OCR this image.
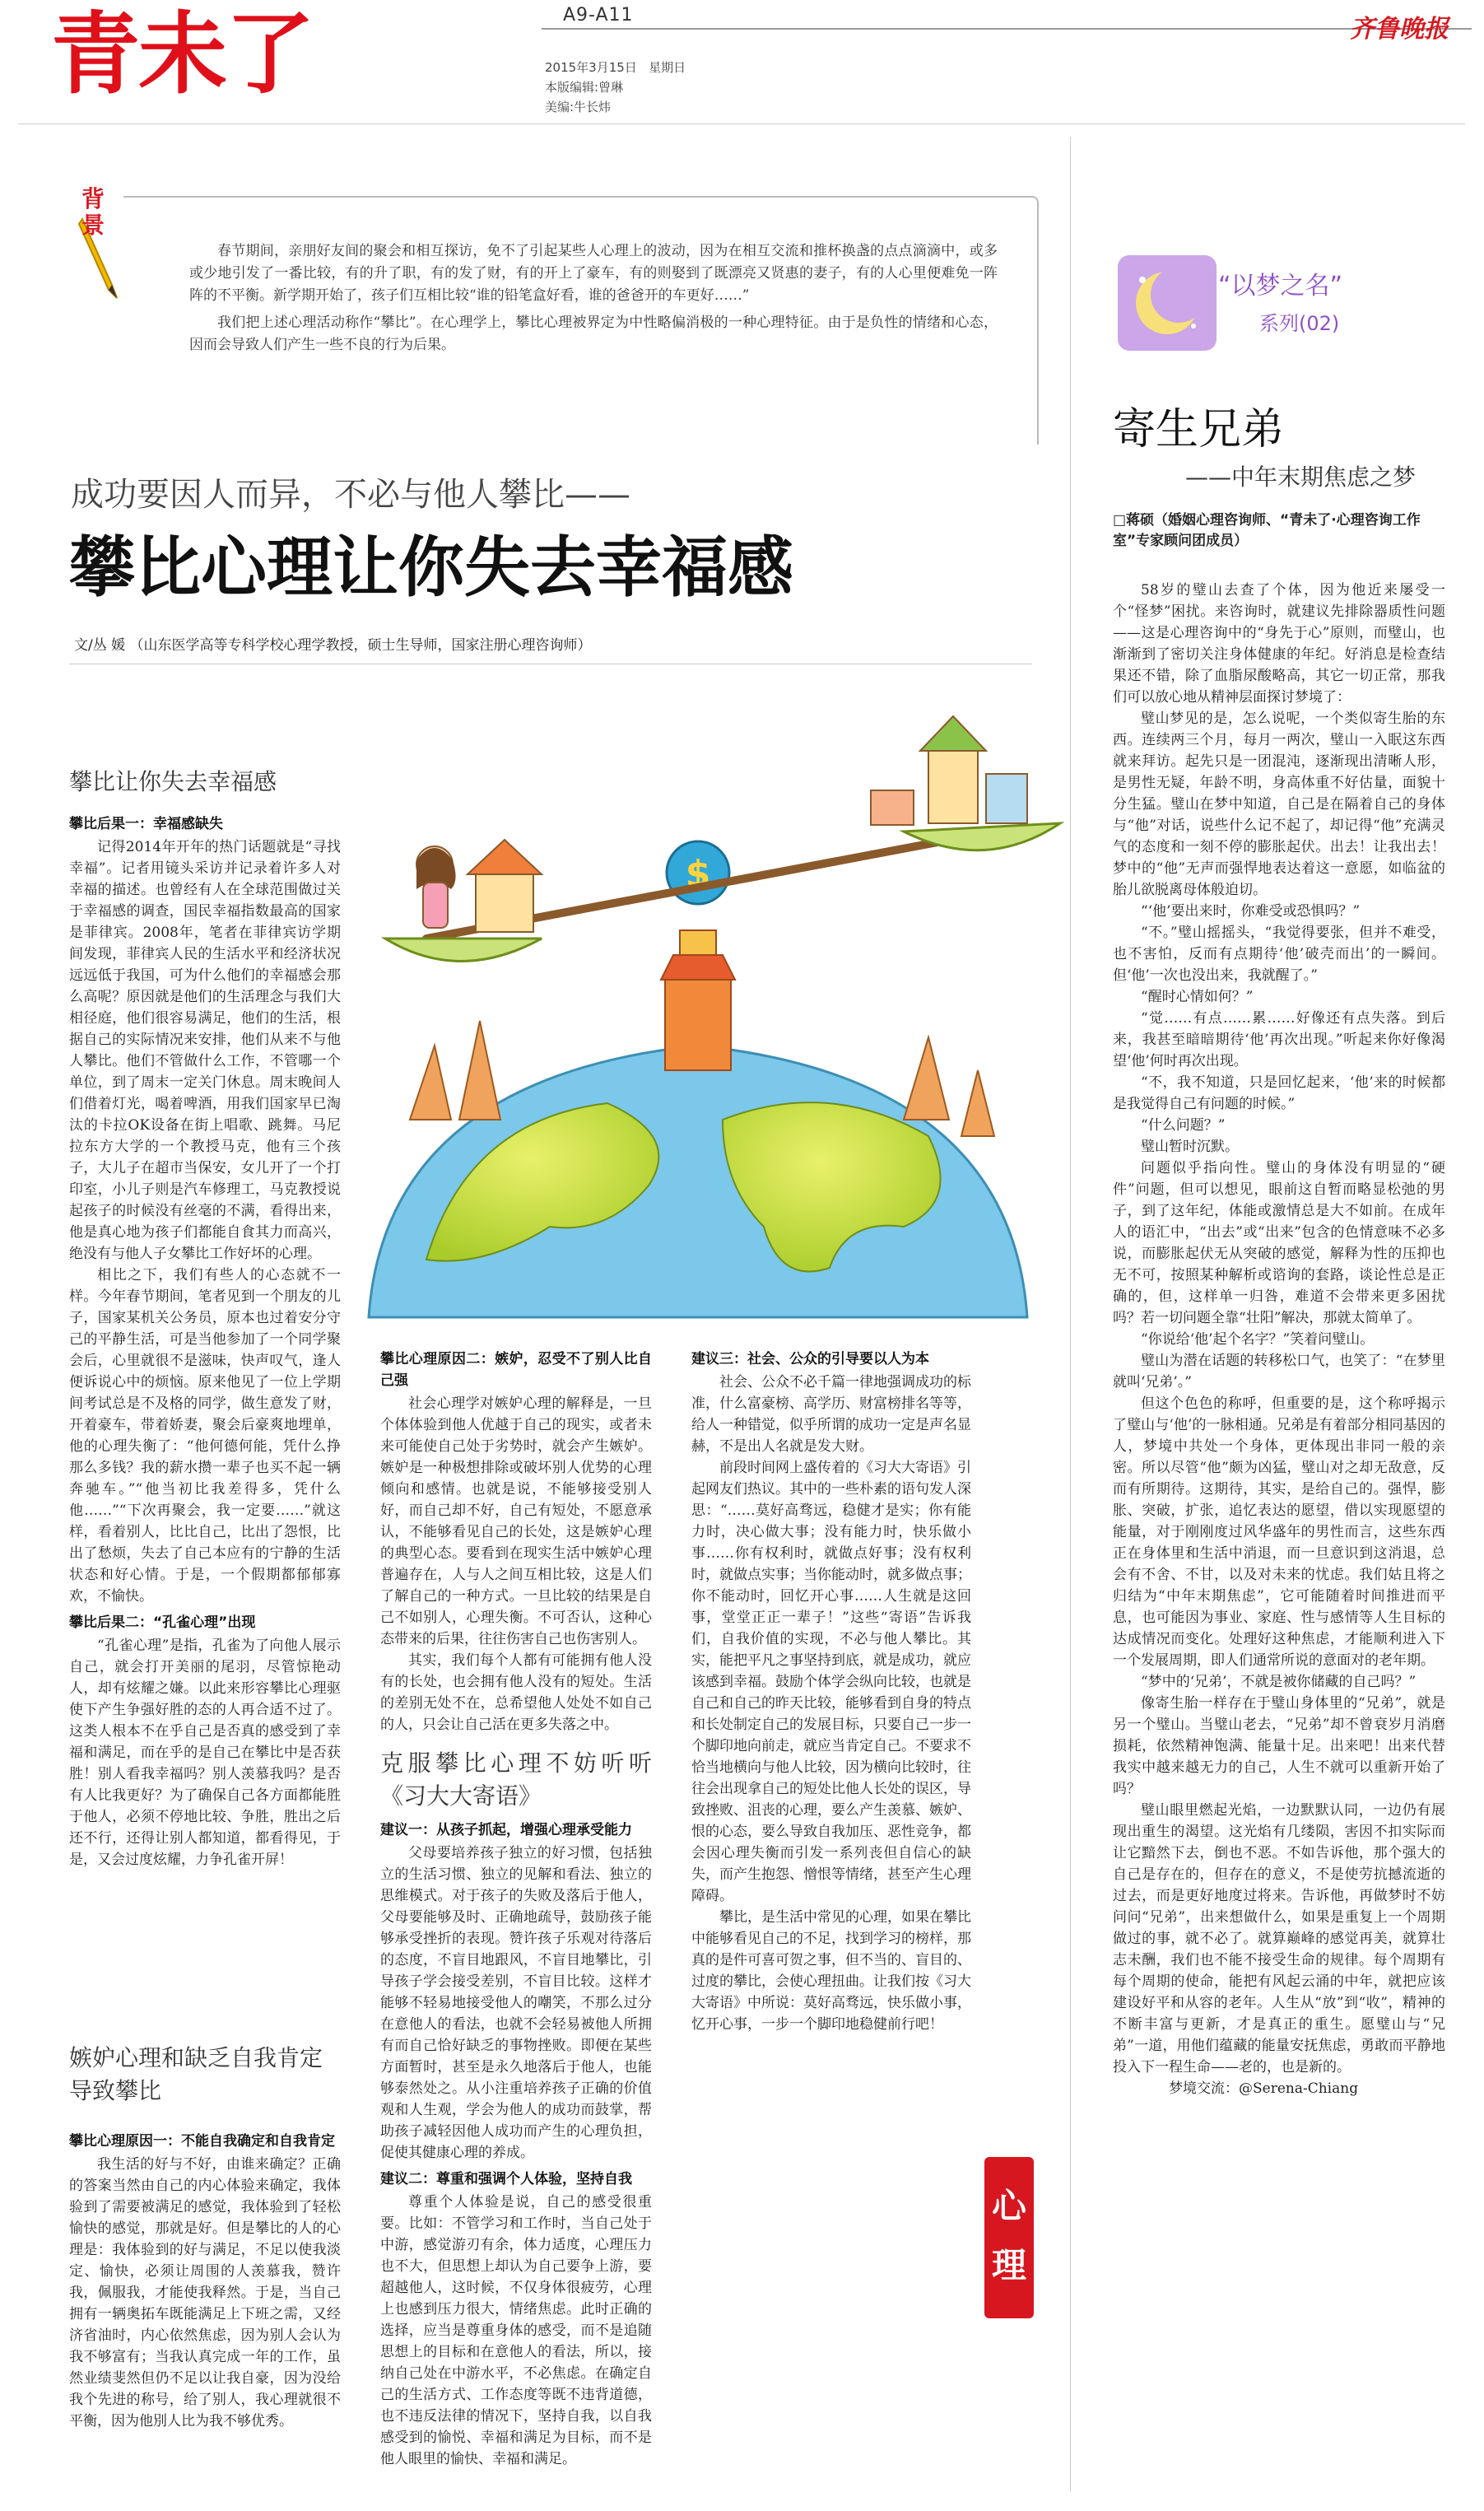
青未了	A9-A11
2015年3月15日 星期日
本版编辑:曾琳
美编:牛长炜
齐鲁晚报
背景

春节期间，亲朋好友间的聚会和相互探访，免不了引起某些人心理上的波动，因为在相互交流和推杯换盏的点点滴滴中，或多或少地引发了一番比较，有的升了职，有的发了财，有的开上了豪车，有的则娶到了既漂亮又贤惠的妻子，有的人心里便难免一阵阵的不平衡。新学期开始了，孩子们互相比较“谁的铅笔盒好看，谁的爸爸开的车更好……”

我们把上述心理活动称作“攀比”。在心理学上，攀比心理被界定为中性略偏消极的一种心理特征。由于是负性的情绪和心态，因而会导致人们产生一些不良的行为后果。

成功要因人而异，不必与他人攀比——
攀比心理让你失去幸福感
文/丛 媛 （山东医学高等专科学校心理学教授，硕士生导师，国家注册心理咨询师）
$
攀比让你失去幸福感
攀比后果一：幸福感缺失

记得2014年开年的热门话题就是“寻找幸福”。记者用镜头采访并记录着许多人对幸福的描述。也曾经有人在全球范围做过关于幸福感的调查，国民幸福指数最高的国家是菲律宾。2008年，笔者在菲律宾访学期间发现，菲律宾人民的生活水平和经济状况远远低于我国，可为什么他们的幸福感会那么高呢？原因就是他们的生活理念与我们大相径庭，他们很容易满足，他们的生活，根据自己的实际情况来安排，他们从来不与他人攀比。他们不管做什么工作，不管哪一个单位，到了周末一定关门休息。周末晚间人们借着灯光，喝着啤酒，用我们国家早已淘汰的卡拉OK设备在街上唱歌、跳舞。马尼拉东方大学的一个教授马克，他有三个孩子，大儿子在超市当保安，女儿开了一个打印室，小儿子则是汽车修理工，马克教授说起孩子的时候没有丝毫的不满，看得出来，他是真心地为孩子们都能自食其力而高兴，绝没有与他人子女攀比工作好坏的心理。

相比之下，我们有些人的心态就不一样。今年春节期间，笔者见到一个朋友的儿子，国家某机关公务员，原本也过着安分守己的平静生活，可是当他参加了一个同学聚会后，心里就很不是滋味，快声叹气，逢人便诉说心中的烦恼。原来他见了一位上学期间考试总是不及格的同学，做生意发了财，开着豪车，带着娇妻，聚会后豪爽地埋单，他的心理失衡了：“他何德何能，凭什么挣那么多钱？我的薪水攒一辈子也买不起一辆奔驰车。”“他当初比我差得多，凭什么他……”“下次再聚会，我一定要……”就这样，看着别人，比比自己，比出了怨恨，比出了愁烦，失去了自己本应有的宁静的生活状态和好心情。于是，一个假期都郁郁寡欢，不愉快。

攀比后果二：“孔雀心理”出现

“孔雀心理”是指，孔雀为了向他人展示自己，就会打开美丽的尾羽，尽管惊艳动人，却有炫耀之嫌。以此来形容攀比心理驱使下产生争强好胜的态的人再合适不过了。这类人根本不在乎自己是否真的感受到了幸福和满足，而在乎的是自己在攀比中是否获胜！别人看我幸福吗？别人羡慕我吗？是否有人比我更好？为了确保自己各方面都能胜于他人，必须不停地比较、争胜，胜出之后还不行，还得让别人都知道，都看得见，于是，又会过度炫耀，力争孔雀开屏！

嫉妒心理和缺乏自我肯定导致攀比
攀比心理原因一：不能自我确定和自我肯定

我生活的好与不好，由谁来确定？正确的答案当然由自己的内心体验来确定，我体验到了需要被满足的感觉，我体验到了轻松愉快的感觉，那就是好。但是攀比的人的心理是：我体验到的好与满足，不足以使我淡定、愉快，必须让周围的人羡慕我，赞许我，佩服我，才能使我释然。于是，当自己拥有一辆奥拓车既能满足上下班之需，又经济省油时，内心依然焦虑，因为别人会认为我不够富有；当我认真完成一年的工作，虽然业绩斐然但仍不足以让我自豪，因为没给我个先进的称号，给了别人，我心理就很不平衡，因为他別人比为我不够优秀。

攀比心理原因二：嫉妒，忍受不了别人比自己强

社会心理学对嫉妒心理的解释是，一旦个体体验到他人优越于自己的现实，或者未来可能使自己处于劣势时，就会产生嫉妒。嫉妒是一种极想排除或破坏别人优势的心理倾向和感情。也就是说，不能够接受别人好，而自己却不好，自己有短处，不愿意承认，不能够看见自己的长处，这是嫉妒心理的典型心态。要看到在现实生活中嫉妒心理普遍存在，人与人之间互相比较，这是人们了解自己的一种方式。一旦比较的结果是自己不如别人，心理失衡。不可否认，这种心态带来的后果，往往伤害自己也伤害别人。

其实，我们每个人都有可能拥有他人没有的长处，也会拥有他人没有的短处。生活的差别无处不在，总希望他人处处不如自己的人，只会让自己活在更多失落之中。

克服攀比心理不妨听听《习大大寄语》
建议一：从孩子抓起，增强心理承受能力

父母要培养孩子独立的好习惯，包括独立的生活习惯、独立的见解和看法、独立的思维模式。对于孩子的失败及落后于他人，父母要能够及时、正确地疏导，鼓励孩子能够承受挫折的表现。赞许孩子乐观对待落后的态度，不盲目地跟风，不盲目地攀比，引导孩子学会接受差别，不盲目比较。这样才能够不轻易地接受他人的嘲笑，不那么过分在意他人的看法，也就不会轻易被他人所拥有而自己恰好缺乏的事物挫败。即便在某些方面暂时，甚至是永久地落后于他人，也能够泰然处之。从小注重培养孩子正确的价值观和人生观，学会为他人的成功而鼓掌，帮助孩子减轻因他人成功而产生的心理负担，促使其健康心理的养成。

建议二：尊重和强调个人体验，坚持自我

尊重个人体验是说，自己的感受很重要。比如：不管学习和工作时，当自己处于中游，感觉游刃有余，体力适度，心理压力也不大，但思想上却认为自己要争上游，要超越他人，这时候，不仅身体很疲劳，心理上也感到压力很大，情绪焦虑。此时正确的选择，应当是尊重身体的感受，而不是追随思想上的目标和在意他人的看法，所以，接纳自己处在中游水平，不必焦虑。在确定自己的生活方式、工作态度等既不违背道德，也不违反法律的情况下，坚持自我，以自我感受到的愉悦、幸福和满足为目标，而不是他人眼里的愉快、幸福和满足。

建议三：社会、公众的引导要以人为本

社会、公众不必千篇一律地强调成功的标准，什么富豪榜、高学历、财富榜排名等等，给人一种错觉，似乎所谓的成功一定是声名显赫，不是出人名就是发大财。

前段时间网上盛传着的《习大大寄语》引起网友们热议。其中的一些朴素的语句发人深思：“……莫好高骛远，稳健才是实；你有能力时，决心做大事；没有能力时，快乐做小事……你有权利时，就做点好事；没有权利时，就做点实事；当你能动时，就多做点事；你不能动时，回忆开心事……人生就是这回事，堂堂正正一辈子！”这些“寄语”告诉我们，自我价值的实现，不必与他人攀比。其实，能把平凡之事坚持到底，就是成功，就应该感到幸福。鼓励个体学会纵向比较，也就是自己和自己的昨天比较，能够看到自身的特点和长处制定自己的发展目标，只要自己一步一个脚印地向前走，就应当肯定自己。不要求不恰当地横向与他人比较，因为横向比较时，往往会出现拿自己的短处比他人长处的误区，导致挫败、沮丧的心理，要么产生羡慕、嫉妒、恨的心态，要么导致自我加压、恶性竞争，都会因心理失衡而引发一系列丧但自信心的缺失，而产生抱怨、憎恨等情绪，甚至产生心理障碍。

攀比，是生活中常见的心理，如果在攀比中能够看见自己的不足，找到学习的榜样，那真的是件可喜可贺之事，但不当的、盲目的、过度的攀比，会使心理扭曲。让我们按《习大大寄语》中所说：莫好高骛远，快乐做小事，忆开心事，一步一个脚印地稳健前行吧！

心理
“以梦之名”
系列(02)
寄生兄弟
——中年末期焦虑之梦
□蒋硕（婚姻心理咨询师、“青未了·心理咨询工作室”专家顾问团成员）

58岁的璧山去查了个体，因为他近来屡受一个“怪梦”困扰。来咨询时，就建议先排除器质性问题——这是心理咨询中的“身先于心”原则，而璧山，也渐渐到了密切关注身体健康的年纪。好消息是检查结果还不错，除了血脂尿酸略高，其它一切正常，那我们可以放心地从精神层面探讨梦境了：

璧山梦见的是，怎么说呢，一个类似寄生胎的东西。连续两三个月，每月一两次，璧山一入眠这东西就来拜访。起先只是一团混沌，逐渐现出清晰人形，是男性无疑，年龄不明，身高体重不好估量，面貌十分生猛。璧山在梦中知道，自己是在隔着自己的身体与“他”对话，说些什么记不起了，却记得“他”充满灵气的态度和一刻不停的膨胀起伏。出去！让我出去！梦中的“他”无声而强悍地表达着这一意愿，如临盆的胎儿欲脱离母体般迫切。

“‘他’要出来时，你难受或恐惧吗？”

“不。”璧山摇摇头，“我觉得要张，但并不难受，也不害怕，反而有点期待‘他’破壳而出’的一瞬间。但‘他’一次也没出来，我就醒了。”

“醒时心情如何？”

“觉……有点……累……好像还有点失落。到后来，我甚至暗暗期待‘他’再次出现。”听起来你好像渴望‘他’何时再次出现。

“不，我不知道，只是回忆起来，‘他’来的时候都是我觉得自己有问题的时候。”

“什么问题？”

璧山暂时沉默。

问题似乎指向性。璧山的身体没有明显的“硬件”问题，但可以想见，眼前这自暂而略显松弛的男子，到了这年纪，体能或激情总是大不如前。在成年人的语汇中，“出去”或“出来”包含的色情意味不必多说，而膨胀起伏无从突破的感觉，解释为性的压抑也无不可，按照某种解析或谘询的套路，谈论性总是正确的，但，这样单一归咎，难道不会带来更多困扰吗？若一切问题全靠“壮阳”解决，那就太简单了。

“你说给‘他’起个名字？”笑着问璧山。

璧山为潜在话题的转移松口气，也笑了：“在梦里就叫‘兄弟’。”

但这个色色的称呼，但重要的是，这个称呼揭示了璧山与‘他’的一脉相通。兄弟是有着部分相同基因的人，梦境中共处一个身体，更体现出非同一般的亲密。所以尽管“他”颇为凶猛，璧山对之却无敌意，反而有所期待。这期待，其实，是给自己的。强悍，膨胀、突破，扩张，追忆表达的愿望，借以实现愿望的能量，对于刚刚度过风华盛年的男性而言，这些东西正在身体里和生活中消退，而一旦意识到这消退，总会有不舍、不甘，以及对未来的忧虑。我们姑且将之归结为“中年末期焦虑”，它可能随着时间推进而平息，也可能因为事业、家庭、性与感情等人生目标的达成情况而变化。处理好这种焦虑，才能顺利进入下一个发展周期，即人们通常所说的意面对的老年期。

“梦中的‘兄弟’，不就是被你储藏的自己吗？”

像寄生胎一样存在于璧山身体里的“兄弟”，就是另一个璧山。当璧山老去，“兄弟”却不曾衰岁月消磨损耗，依然精神饱满、能量十足。出来吧！出来代替我实中越来越无力的自己，人生不就可以重新开始了吗？

璧山眼里燃起光焰，一边默默认同，一边仍有展现出重生的渴望。这光焰有几缕陨，害因不扣实际而让它黯然下去，倒也不恶。不如告诉他，那个强大的自己是存在的，但存在的意义，不是使劳抗撼流逝的过去，而是更好地度过将来。告诉他，再做梦时不妨问问“兄弟”，出来想做什么，如果是重复上一个周期做过的事，就不必了。就算巅峰的感觉再美，就算壮志未酬，我们也不能不接受生命的规律。每个周期有每个周期的使命，能把有风起云涌的中年，就把应该建设好平和从容的老年。人生从“放”到“收”，精神的不断丰富与更新，才是真正的重生。愿璧山与“兄弟”一道，用他们蕴藏的能量安抚焦虑，勇敢而平静地投入下一程生命——老的，也是新的。

梦境交流：@Serena-Chiang
